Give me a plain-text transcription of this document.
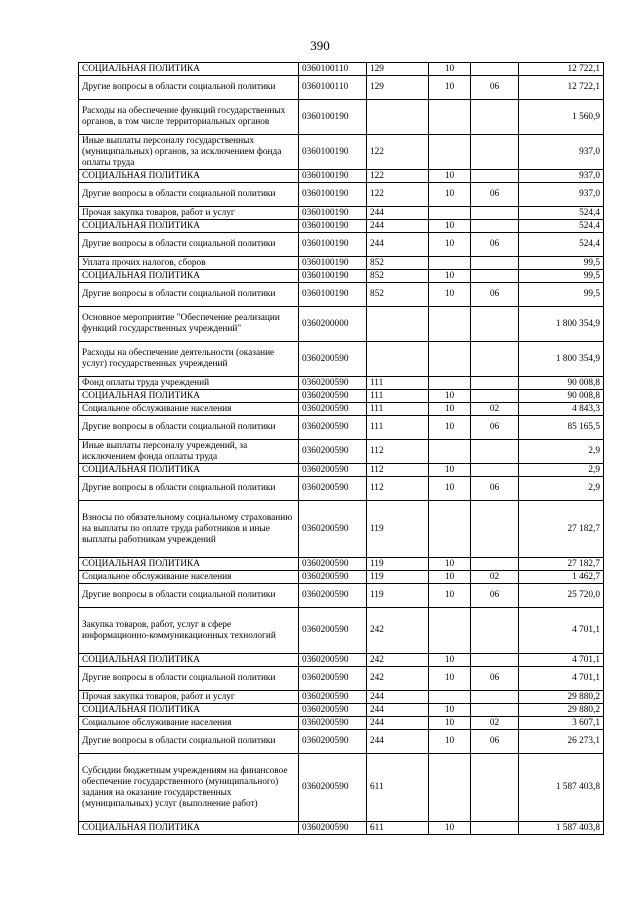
390
СОЦИАЛЬНАЯ ПОЛИТИКА	0360100110	129	10		12 722,1
Другие вопросы в области социальной политики	0360100110	129	10	06	12 722,1
Расходы на обеспечение функций государственных органов, в том числе территориальных органов	0360100190				1 560,9
Иные выплаты персоналу государственных (муниципальных) органов, за исключением фонда оплаты труда	0360100190	122			937,0
СОЦИАЛЬНАЯ ПОЛИТИКА	0360100190	122	10		937,0
Другие вопросы в области социальной политики	0360100190	122	10	06	937,0
Прочая закупка товаров, работ и услуг	0360100190	244			524,4
СОЦИАЛЬНАЯ ПОЛИТИКА	0360100190	244	10		524,4
Другие вопросы в области социальной политики	0360100190	244	10	06	524,4
Уплата прочих налогов, сборов	0360100190	852			99,5
СОЦИАЛЬНАЯ ПОЛИТИКА	0360100190	852	10		99,5
Другие вопросы в области социальной политики	0360100190	852	10	06	99,5
Основное мероприятие "Обеспечение реализации функций государственных учреждений"	0360200000				1 800 354,9
Расходы на обеспечение деятельности (оказание услуг) государственных учреждений	0360200590				1 800 354,9
Фонд оплаты труда учреждений	0360200590	111			90 008,8
СОЦИАЛЬНАЯ ПОЛИТИКА	0360200590	111	10		90 008,8
Социальное обслуживание населения	0360200590	111	10	02	4 843,3
Другие вопросы в области социальной политики	0360200590	111	10	06	85 165,5
Иные выплаты персоналу учреждений, за исключением фонда оплаты труда	0360200590	112			2,9
СОЦИАЛЬНАЯ ПОЛИТИКА	0360200590	112	10		2,9
Другие вопросы в области социальной политики	0360200590	112	10	06	2,9
Взносы по обязательному социальному страхованию на выплаты по оплате труда работников и иные выплаты работникам учреждений	0360200590	119			27 182,7
СОЦИАЛЬНАЯ ПОЛИТИКА	0360200590	119	10		27 182,7
Социальное обслуживание населения	0360200590	119	10	02	1 462,7
Другие вопросы в области социальной политики	0360200590	119	10	06	25 720,0
Закупка товаров, работ, услуг в сфере информационно-коммуникационных технологий	0360200590	242			4 701,1
СОЦИАЛЬНАЯ ПОЛИТИКА	0360200590	242	10		4 701,1
Другие вопросы в области социальной политики	0360200590	242	10	06	4 701,1
Прочая закупка товаров, работ и услуг	0360200590	244			29 880,2
СОЦИАЛЬНАЯ ПОЛИТИКА	0360200590	244	10		29 880,2
Социальное обслуживание населения	0360200590	244	10	02	3 607,1
Другие вопросы в области социальной политики	0360200590	244	10	06	26 273,1
Субсидии бюджетным учреждениям на финансовое обеспечение государственного (муниципального) задания на оказание государственных (муниципальных) услуг (выполнение работ)	0360200590	611			1 587 403,8
СОЦИАЛЬНАЯ ПОЛИТИКА	0360200590	611	10		1 587 403,8
